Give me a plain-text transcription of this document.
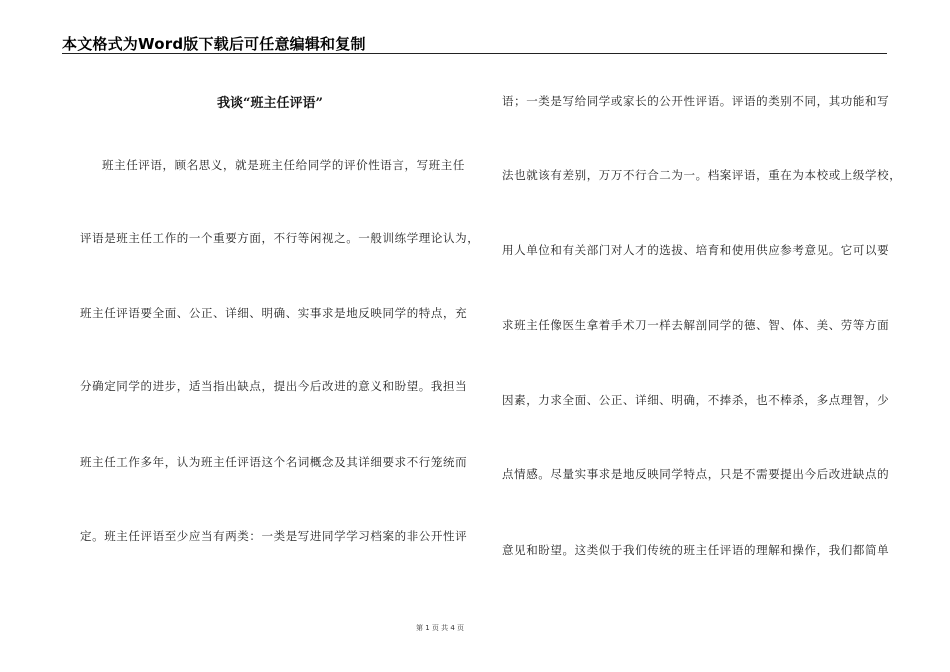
本文格式为Word版下载后可任意编辑和复制
我谈“班主任评语”
班主任评语，顾名思义，就是班主任给同学的评价性语言，写班主任
评语是班主任工作的一个重要方面，不行等闲视之。一般训练学理论认为，
班主任评语要全面、公正、详细、明确、实事求是地反映同学的特点，充
分确定同学的进步，适当指出缺点，提出今后改进的意义和盼望。我担当
班主任工作多年，认为班主任评语这个名词概念及其详细要求不行笼统而
定。班主任评语至少应当有两类：一类是写进同学学习档案的非公开性评
语；一类是写给同学或家长的公开性评语。评语的类别不同，其功能和写
法也就该有差别，万万不行合二为一。档案评语，重在为本校或上级学校，
用人单位和有关部门对人才的选拔、培育和使用供应参考意见。它可以要
求班主任像医生拿着手术刀一样去解剖同学的德、智、体、美、劳等方面
因素，力求全面、公正、详细、明确，不捧杀，也不棒杀，多点理智，少
点情感。尽量实事求是地反映同学特点，只是不需要提出今后改进缺点的
意见和盼望。这类似于我们传统的班主任评语的理解和操作，我们都简单
第 1 页 共 4 页
